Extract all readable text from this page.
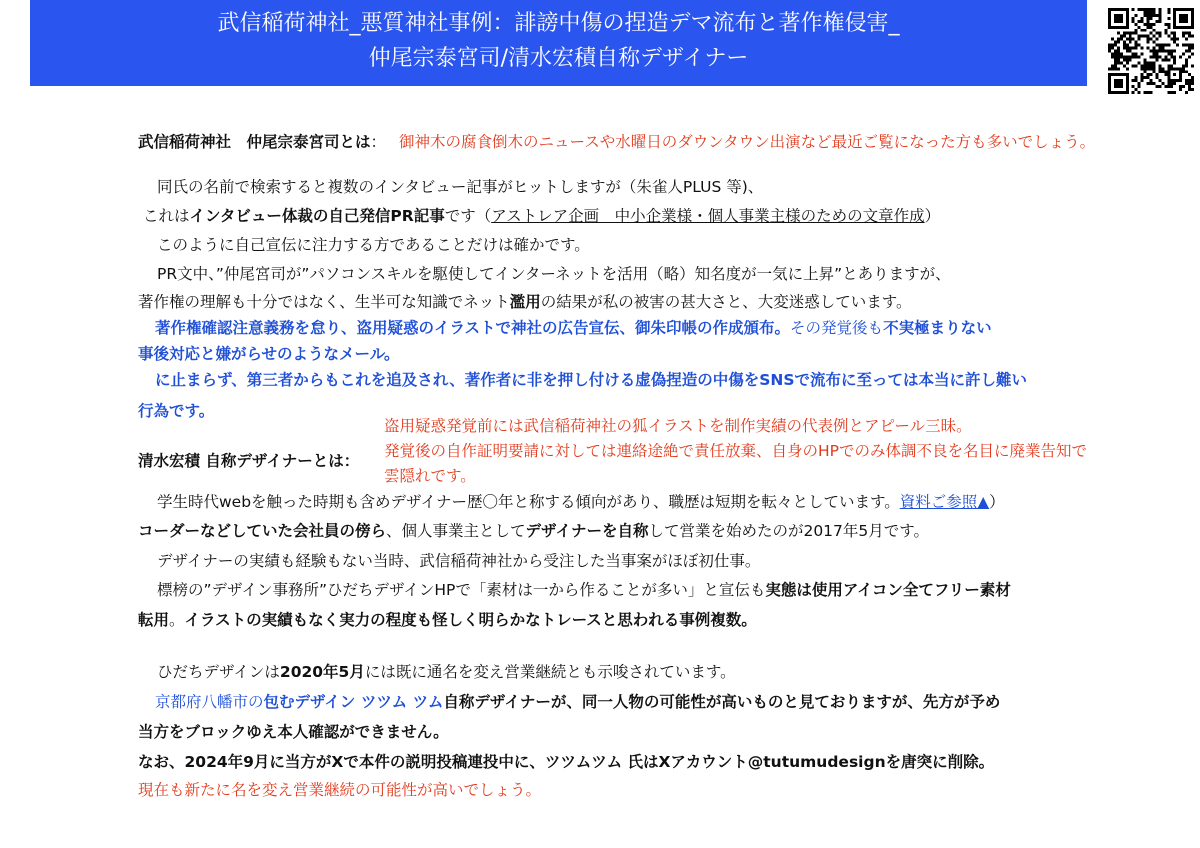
武信稲荷神社_悪質神社事例：誹謗中傷の捏造デマ流布と著作権侵害_
仲尾宗泰宮司/清水宏積自称デザイナー
武信稲荷神社　仲尾宗泰宮司とは： 御神木の腐食倒木のニュースや水曜日のダウンタウン出演など最近ご覧になった方も多いでしょう。
同氏の名前で検索すると複数のインタビュー記事がヒットしますが（朱雀人PLUS 等)、
これはインタビュー体裁の自己発信PR記事です（アストレア企画　中小企業様・個人事業主様のための文章作成）
このように自己宣伝に注力する方であることだけは確かです。
PR文中、”仲尾宮司が”パソコンスキルを駆使してインターネットを活用（略）知名度が一気に上昇”とありますが、
著作権の理解も十分ではなく、生半可な知識でネット濫用の結果が私の被害の甚大さと、大変迷惑しています。
著作権確認注意義務を怠り、盗用疑惑のイラストで神社の広告宣伝、御朱印帳の作成頒布。その発覚後も不実極まりない
事後対応と嫌がらせのようなメール。
に止まらず、第三者からもこれを追及され、著作者に非を押し付ける虚偽捏造の中傷をSNSで流布に至っては本当に許し難い
行為です。
盗用疑惑発覚前には武信稲荷神社の狐イラストを制作実績の代表例とアピール三昧。
清水宏積 自称デザイナーとは：
発覚後の自作証明要請に対しては連絡途絶で責任放棄、自身のHPでのみ体調不良を名目に廃業告知で
雲隠れです。
学生時代webを触った時期も含めデザイナー歴〇年と称する傾向があり、職歴は短期を転々としています。資料ご参照▲）
コーダーなどしていた会社員の傍ら、個人事業主としてデザイナーを自称して営業を始めたのが2017年5月です。
デザイナーの実績も経験もない当時、武信稲荷神社から受注した当事案がほぼ初仕事。
標榜の”デザイン事務所”ひだちデザインHPで「素材は一から作ることが多い」と宣伝も実態は使用アイコン全てフリー素材
転用。イラストの実績もなく実力の程度も怪しく明らかなトレースと思われる事例複数。
ひだちデザインは2020年5月には既に通名を変え営業継続とも示唆されています。
京都府八幡市の包むデザイン ツツム ツム自称デザイナーが、同一人物の可能性が高いものと見ておりますが、先方が予め
当方をブロックゆえ本人確認ができません。
なお、2024年9月に当方がXで本件の説明投稿連投中に、ツツムツム 氏はXアカウント@tutumudesignを唐突に削除。
現在も新たに名を変え営業継続の可能性が高いでしょう。
